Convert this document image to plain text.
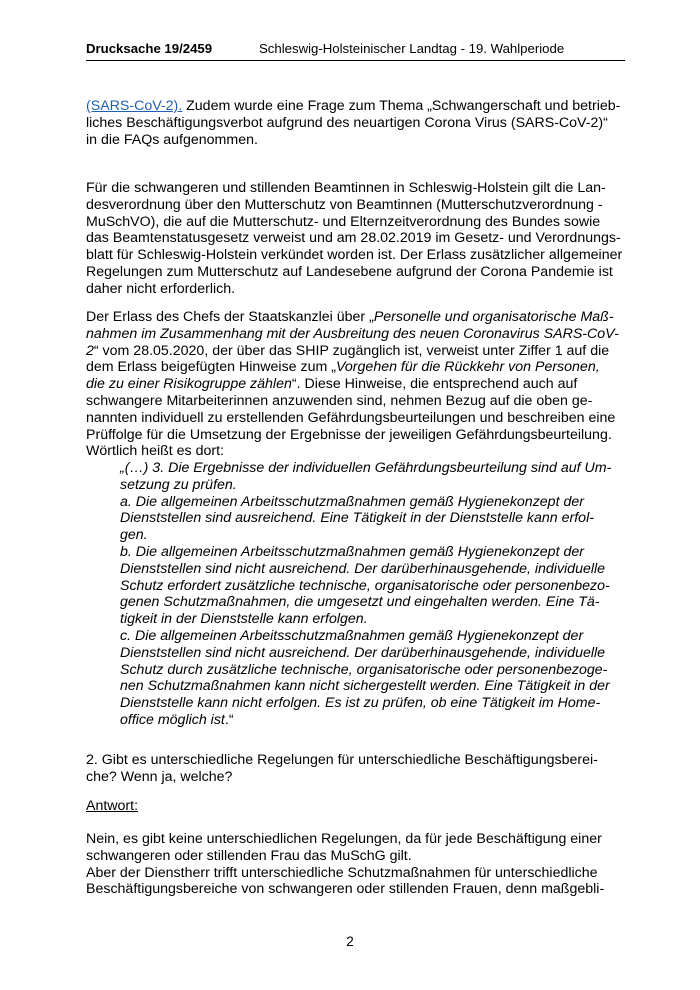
Drucksache 19/2459	Schleswig-Holsteinischer Landtag - 19. Wahlperiode
(SARS-CoV-2). Zudem wurde eine Frage zum Thema „Schwangerschaft und betrieb-
liches Beschäftigungsverbot aufgrund des neuartigen Corona Virus (SARS-CoV-2)“
in die FAQs aufgenommen.
Für die schwangeren und stillenden Beamtinnen in Schleswig-Holstein gilt die Lan-
desverordnung über den Mutterschutz von Beamtinnen (Mutterschutzverordnung -
MuSchVO), die auf die Mutterschutz- und Elternzeitverordnung des Bundes sowie
das Beamtenstatusgesetz verweist und am 28.02.2019 im Gesetz- und Verordnungs-
blatt für Schleswig-Holstein verkündet worden ist. Der Erlass zusätzlicher allgemeiner
Regelungen zum Mutterschutz auf Landesebene aufgrund der Corona Pandemie ist
daher nicht erforderlich.
Der Erlass des Chefs der Staatskanzlei über „Personelle und organisatorische Maß-
nahmen im Zusammenhang mit der Ausbreitung des neuen Coronavirus SARS-CoV-
2“ vom 28.05.2020, der über das SHIP zugänglich ist, verweist unter Ziffer 1 auf die
dem Erlass beigefügten Hinweise zum „Vorgehen für die Rückkehr von Personen,
die zu einer Risikogruppe zählen“. Diese Hinweise, die entsprechend auch auf
schwangere Mitarbeiterinnen anzuwenden sind, nehmen Bezug auf die oben ge-
nannten individuell zu erstellenden Gefährdungsbeurteilungen und beschreiben eine
Prüffolge für die Umsetzung der Ergebnisse der jeweiligen Gefährdungsbeurteilung.
Wörtlich heißt es dort:
„(…) 3. Die Ergebnisse der individuellen Gefährdungsbeurteilung sind auf Um-
setzung zu prüfen.
a. Die allgemeinen Arbeitsschutzmaßnahmen gemäß Hygienekonzept der
Dienststellen sind ausreichend. Eine Tätigkeit in der Dienststelle kann erfol-
gen.
b. Die allgemeinen Arbeitsschutzmaßnahmen gemäß Hygienekonzept der
Dienststellen sind nicht ausreichend. Der darüberhinausgehende, individuelle
Schutz erfordert zusätzliche technische, organisatorische oder personenbezo-
genen Schutzmaßnahmen, die umgesetzt und eingehalten werden. Eine Tä-
tigkeit in der Dienststelle kann erfolgen.
c. Die allgemeinen Arbeitsschutzmaßnahmen gemäß Hygienekonzept der
Dienststellen sind nicht ausreichend. Der darüberhinausgehende, individuelle
Schutz durch zusätzliche technische, organisatorische oder personenbezoge-
nen Schutzmaßnahmen kann nicht sichergestellt werden. Eine Tätigkeit in der
Dienststelle kann nicht erfolgen. Es ist zu prüfen, ob eine Tätigkeit im Home-
office möglich ist.“
2. Gibt es unterschiedliche Regelungen für unterschiedliche Beschäftigungsberei-
che? Wenn ja, welche?
Antwort:
Nein, es gibt keine unterschiedlichen Regelungen, da für jede Beschäftigung einer
schwangeren oder stillenden Frau das MuSchG gilt.
Aber der Dienstherr trifft unterschiedliche Schutzmaßnahmen für unterschiedliche
Beschäftigungsbereiche von schwangeren oder stillenden Frauen, denn maßgebli-
2
